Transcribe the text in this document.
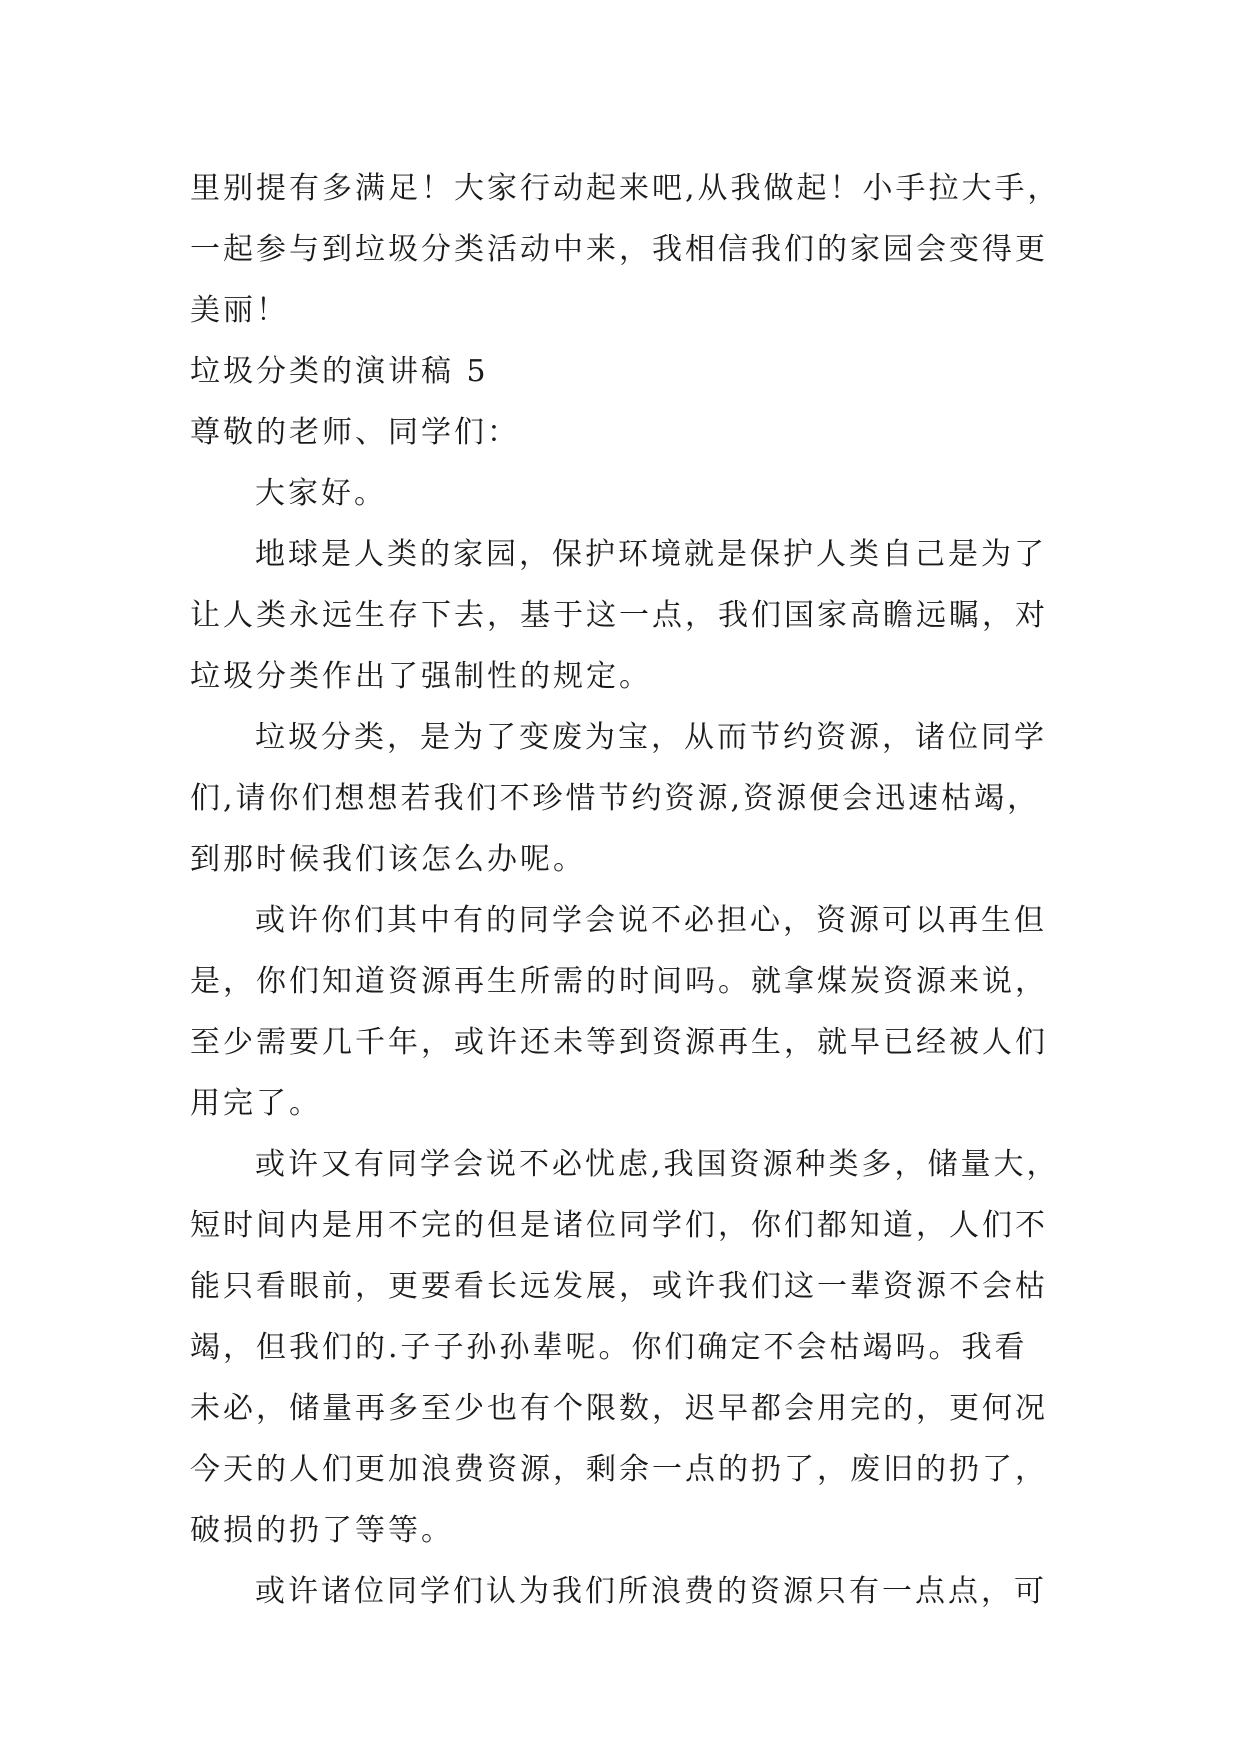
里别提有多满足！大家行动起来吧,从我做起！小手拉大手，
一起参与到垃圾分类活动中来，我相信我们的家园会变得更
美丽！
垃圾分类的演讲稿 5
尊敬的老师、同学们：
大家好。
地球是人类的家园，保护环境就是保护人类自己是为了
让人类永远生存下去，基于这一点，我们国家高瞻远瞩，对
垃圾分类作出了强制性的规定。
垃圾分类，是为了变废为宝，从而节约资源，诸位同学
们,请你们想想若我们不珍惜节约资源,资源便会迅速枯竭，
到那时候我们该怎么办呢。
或许你们其中有的同学会说不必担心，资源可以再生但
是，你们知道资源再生所需的时间吗。就拿煤炭资源来说，
至少需要几千年，或许还未等到资源再生，就早已经被人们
用完了。
或许又有同学会说不必忧虑,我国资源种类多，储量大，
短时间内是用不完的但是诸位同学们，你们都知道，人们不
能只看眼前，更要看长远发展，或许我们这一辈资源不会枯
竭，但我们的.子子孙孙辈呢。你们确定不会枯竭吗。我看
未必，储量再多至少也有个限数，迟早都会用完的，更何况
今天的人们更加浪费资源，剩余一点的扔了，废旧的扔了，
破损的扔了等等。
或许诸位同学们认为我们所浪费的资源只有一点点，可
